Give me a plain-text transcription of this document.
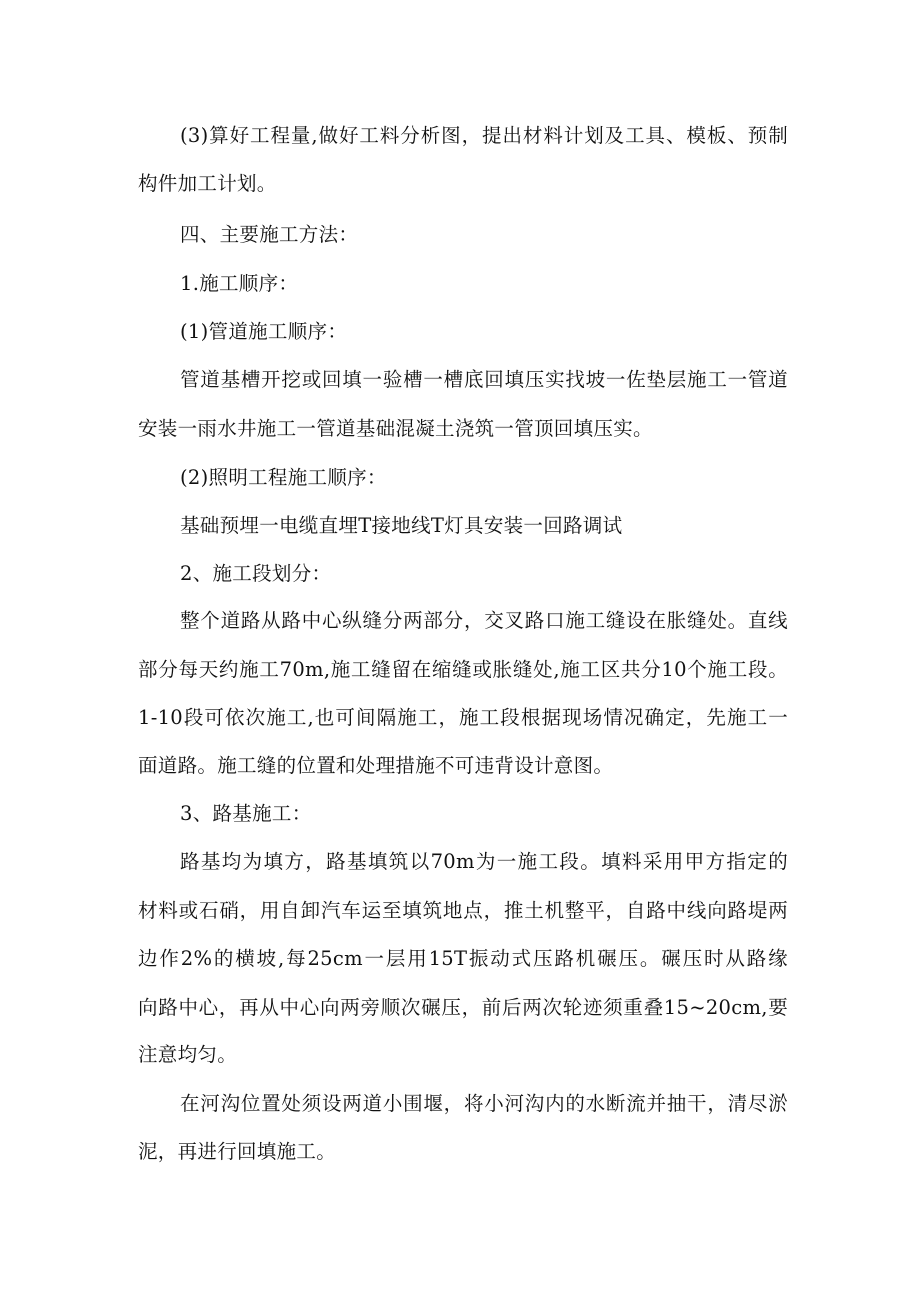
(3)算好工程量,做好工料分析图，提出材料计划及工具、模板、预制
构件加工计划。
四、主要施工方法：
1.施工顺序：
(1)管道施工顺序：
管道基槽开挖或回填一验槽一槽底回填压实找坡一佐垫层施工一管道
安装一雨水井施工一管道基础混凝土浇筑一管顶回填压实。
(2)照明工程施工顺序：
基础预埋一电缆直埋T接地线T灯具安装一回路调试
2、施工段划分：
整个道路从路中心纵缝分两部分，交叉路口施工缝设在胀缝处。直线
部分每天约施工70m,施工缝留在缩缝或胀缝处,施工区共分10个施工段。
1-10段可依次施工,也可间隔施工，施工段根据现场情况确定，先施工一
面道路。施工缝的位置和处理措施不可违背设计意图。
3、路基施工：
路基均为填方，路基填筑以70m为一施工段。填料采用甲方指定的
材料或石硝，用自卸汽车运至填筑地点，推土机整平，自路中线向路堤两
边作2%的横坡,每25cm一层用15T振动式压路机碾压。碾压时从路缘
向路中心，再从中心向两旁顺次碾压，前后两次轮迹须重叠15~20cm,要
注意均匀。
在河沟位置处须设两道小围堰，将小河沟内的水断流并抽干，清尽淤
泥，再进行回填施工。
